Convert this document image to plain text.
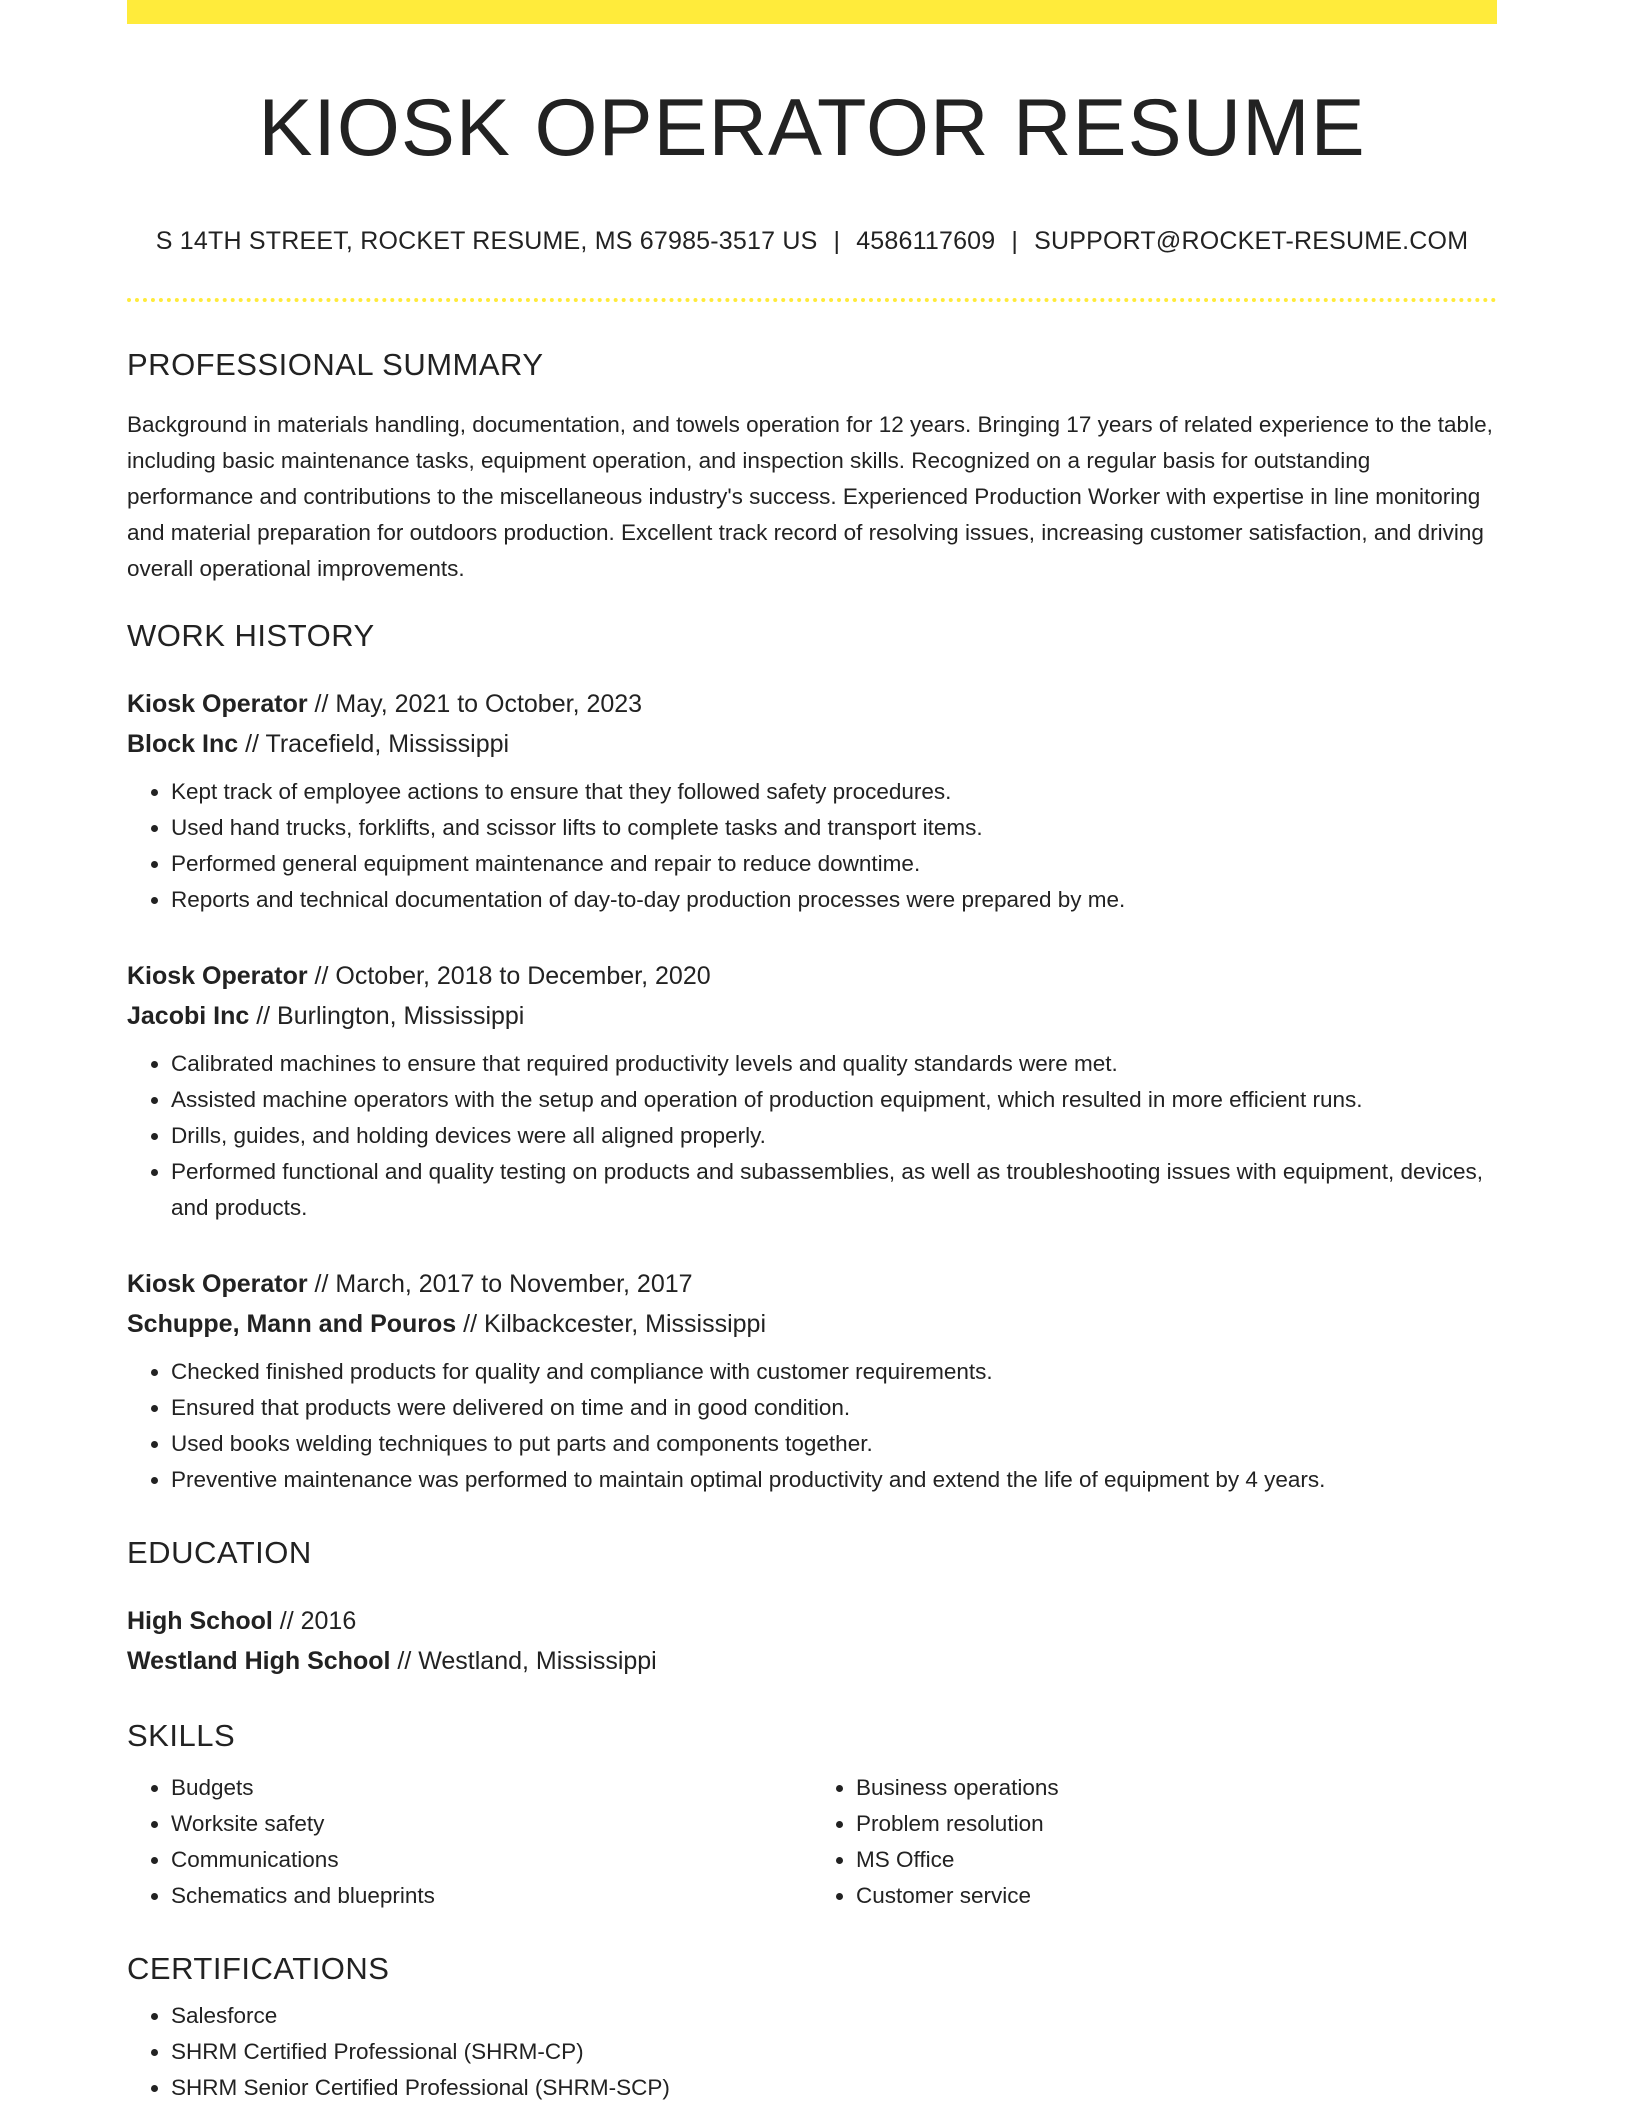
KIOSK OPERATOR RESUME
S 14TH STREET, ROCKET RESUME, MS 67985-3517 US | 4586117609 | SUPPORT@ROCKET-RESUME.COM
PROFESSIONAL SUMMARY
Background in materials handling, documentation, and towels operation for 12 years. Bringing 17 years of related experience to the table, including basic maintenance tasks, equipment operation, and inspection skills. Recognized on a regular basis for outstanding performance and contributions to the miscellaneous industry's success. Experienced Production Worker with expertise in line monitoring and material preparation for outdoors production. Excellent track record of resolving issues, increasing customer satisfaction, and driving overall operational improvements.
WORK HISTORY
Kiosk Operator // May, 2021 to October, 2023
Block Inc // Tracefield, Mississippi
• Kept track of employee actions to ensure that they followed safety procedures.
• Used hand trucks, forklifts, and scissor lifts to complete tasks and transport items.
• Performed general equipment maintenance and repair to reduce downtime.
• Reports and technical documentation of day-to-day production processes were prepared by me.
Kiosk Operator // October, 2018 to December, 2020
Jacobi Inc // Burlington, Mississippi
• Calibrated machines to ensure that required productivity levels and quality standards were met.
• Assisted machine operators with the setup and operation of production equipment, which resulted in more efficient runs.
• Drills, guides, and holding devices were all aligned properly.
• Performed functional and quality testing on products and subassemblies, as well as troubleshooting issues with equipment, devices, and products.
Kiosk Operator // March, 2017 to November, 2017
Schuppe, Mann and Pouros // Kilbackcester, Mississippi
• Checked finished products for quality and compliance with customer requirements.
• Ensured that products were delivered on time and in good condition.
• Used books welding techniques to put parts and components together.
• Preventive maintenance was performed to maintain optimal productivity and extend the life of equipment by 4 years.
EDUCATION
High School // 2016
Westland High School // Westland, Mississippi
SKILLS
• Budgets
• Worksite safety
• Communications
• Schematics and blueprints
• Business operations
• Problem resolution
• MS Office
• Customer service
CERTIFICATIONS
• Salesforce
• SHRM Certified Professional (SHRM-CP)
• SHRM Senior Certified Professional (SHRM-SCP)
